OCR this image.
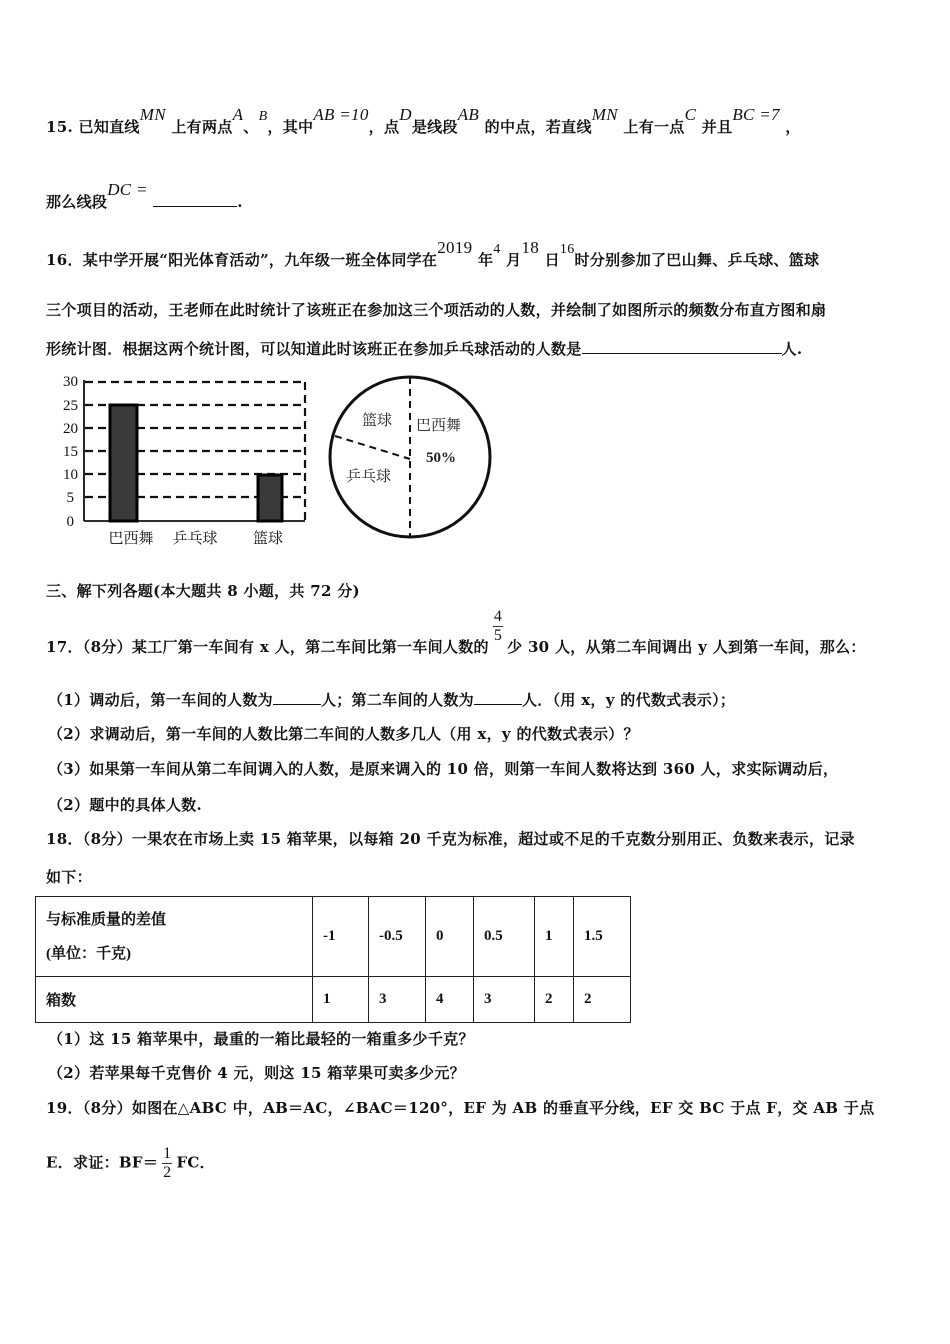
15. 已知直线MN 上有两点A、B，其中AB =10，点D是线段AB 的中点，若直线MN 上有一点C 并且BC =7 ，
那么线段DC = .
16．某中学开展“阳光体育活动”，九年级一班全体同学在2019 年4 月18 日16时分别参加了巴山舞、乒乓球、篮球
三个项目的活动，王老师在此时统计了该班正在参加这三个项活动的人数，并绘制了如图所示的频数分布直方图和扇
形统计图．根据这两个统计图，可以知道此时该班正在参加乒乓球活动的人数是	人.
30
25
20
15
10
5
0
巴西舞 乒乓球 篮球
篮球 巴西舞
50%
乒乓球
三、解下列各题(本大题共 8 小题，共 72 分)
17．（8分）某工厂第一车间有 x 人，第二车间比第一车间人数的
$\frac{4}{5}$
少 30 人，从第二车间调出 y 人到第一车间，那么：
（1）调动后，第一车间的人数为	人；第二车间的人数为	人．（用 x，y 的代数式表示）；
（2）求调动后，第一车间的人数比第二车间的人数多几人（用 x，y 的代数式表示）？
（3）如果第一车间从第二车间调入的人数，是原来调入的 10 倍，则第一车间人数将达到 360 人，求实际调动后，
（2）题中的具体人数.
18．（8分）一果农在市场上卖 15 箱苹果，以每箱 20 千克为标准，超过或不足的千克数分别用正、负数来表示，记录
如下：
与标准质量的差值
(单位：千克)	-1	-0.5	0	0.5	1	1.5
箱数	1	3	4	3	2	2
（1）这 15 箱苹果中，最重的一箱比最轻的一箱重多少千克？
（2）若苹果每千克售价 4 元，则这 15 箱苹果可卖多少元？
19．（8分）如图在△ABC 中，AB＝AC，∠BAC＝120°，EF 为 AB 的垂直平分线，EF 交 BC 于点 F，交 AB 于点
E．求证：$BF= \frac{1}{2}$ FC．
